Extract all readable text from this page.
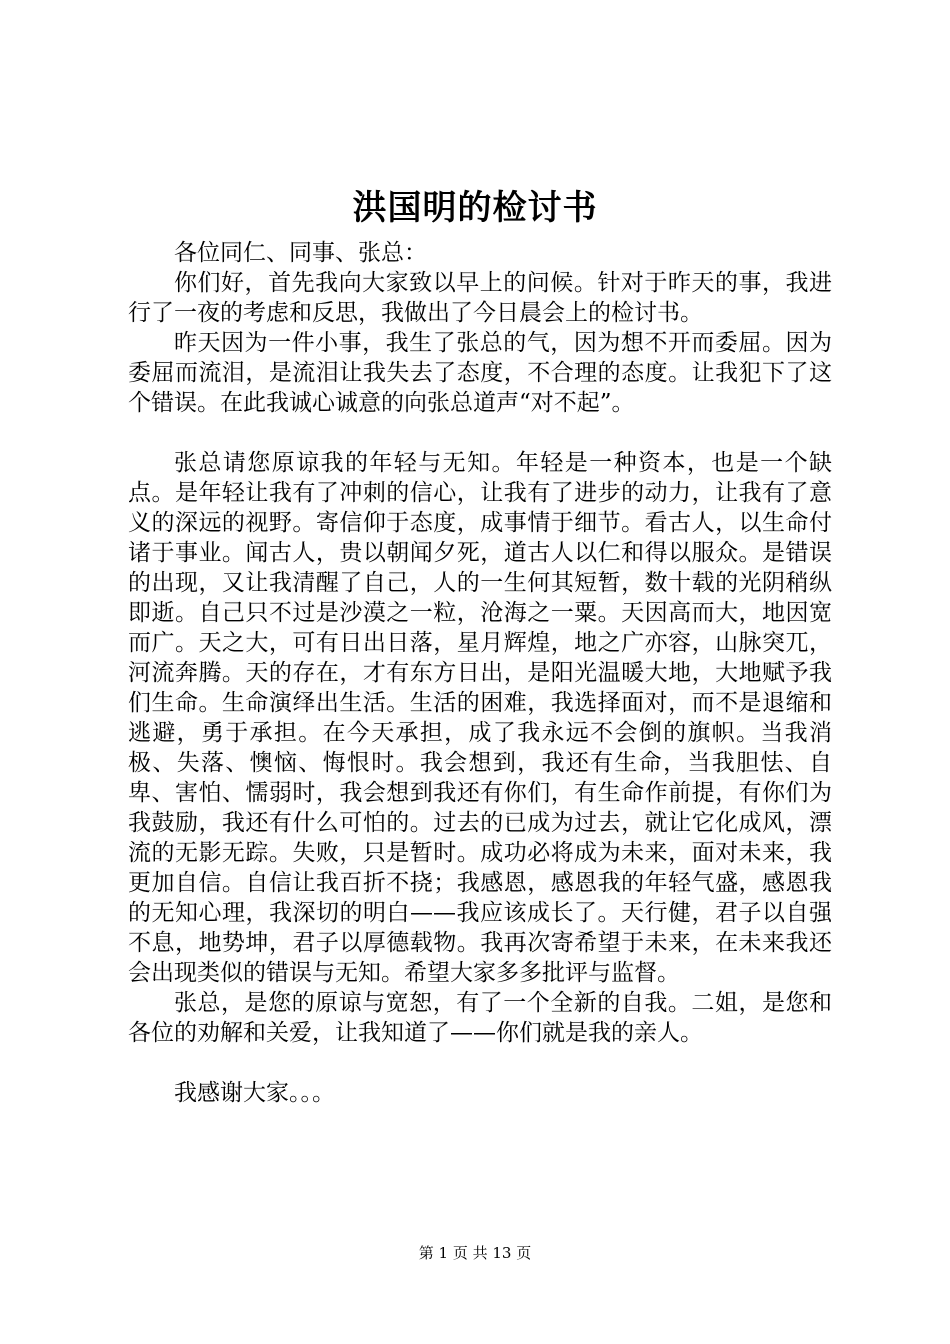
洪国明的检讨书

各位同仁、同事、张总：

你们好，首先我向大家致以早上的问候。针对于昨天的事，我进行了一夜的考虑和反思，我做出了今日晨会上的检讨书。

昨天因为一件小事，我生了张总的气，因为想不开而委屈。因为委屈而流泪，是流泪让我失去了态度，不合理的态度。让我犯下了这个错误。在此我诚心诚意的向张总道声“对不起”。

张总请您原谅我的年轻与无知。年轻是一种资本，也是一个缺点。是年轻让我有了冲刺的信心，让我有了进步的动力，让我有了意义的深远的视野。寄信仰于态度，成事情于细节。看古人，以生命付诸于事业。闻古人，贵以朝闻夕死，道古人以仁和得以服众。是错误的出现，又让我清醒了自己，人的一生何其短暂，数十载的光阴稍纵即逝。自己只不过是沙漠之一粒，沧海之一粟。天因高而大，地因宽而广。天之大，可有日出日落，星月辉煌，地之广亦容，山脉突兀，河流奔腾。天的存在，才有东方日出，是阳光温暖大地，大地赋予我们生命。生命演绎出生活。生活的困难，我选择面对，而不是退缩和逃避，勇于承担。在今天承担，成了我永远不会倒的旗帜。当我消极、失落、懊恼、悔恨时。我会想到，我还有生命，当我胆怯、自卑、害怕、懦弱时，我会想到我还有你们，有生命作前提，有你们为我鼓励，我还有什么可怕的。过去的已成为过去，就让它化成风，漂流的无影无踪。失败，只是暂时。成功必将成为未来，面对未来，我更加自信。自信让我百折不挠；我感恩，感恩我的年轻气盛，感恩我的无知心理，我深切的明白——我应该成长了。天行健，君子以自强不息，地势坤，君子以厚德载物。我再次寄希望于未来，在未来我还会出现类似的错误与无知。希望大家多多批评与监督。

张总，是您的原谅与宽恕，有了一个全新的自我。二姐，是您和各位的劝解和关爱，让我知道了——你们就是我的亲人。

我感谢大家。。。

第 1 页 共 13 页
